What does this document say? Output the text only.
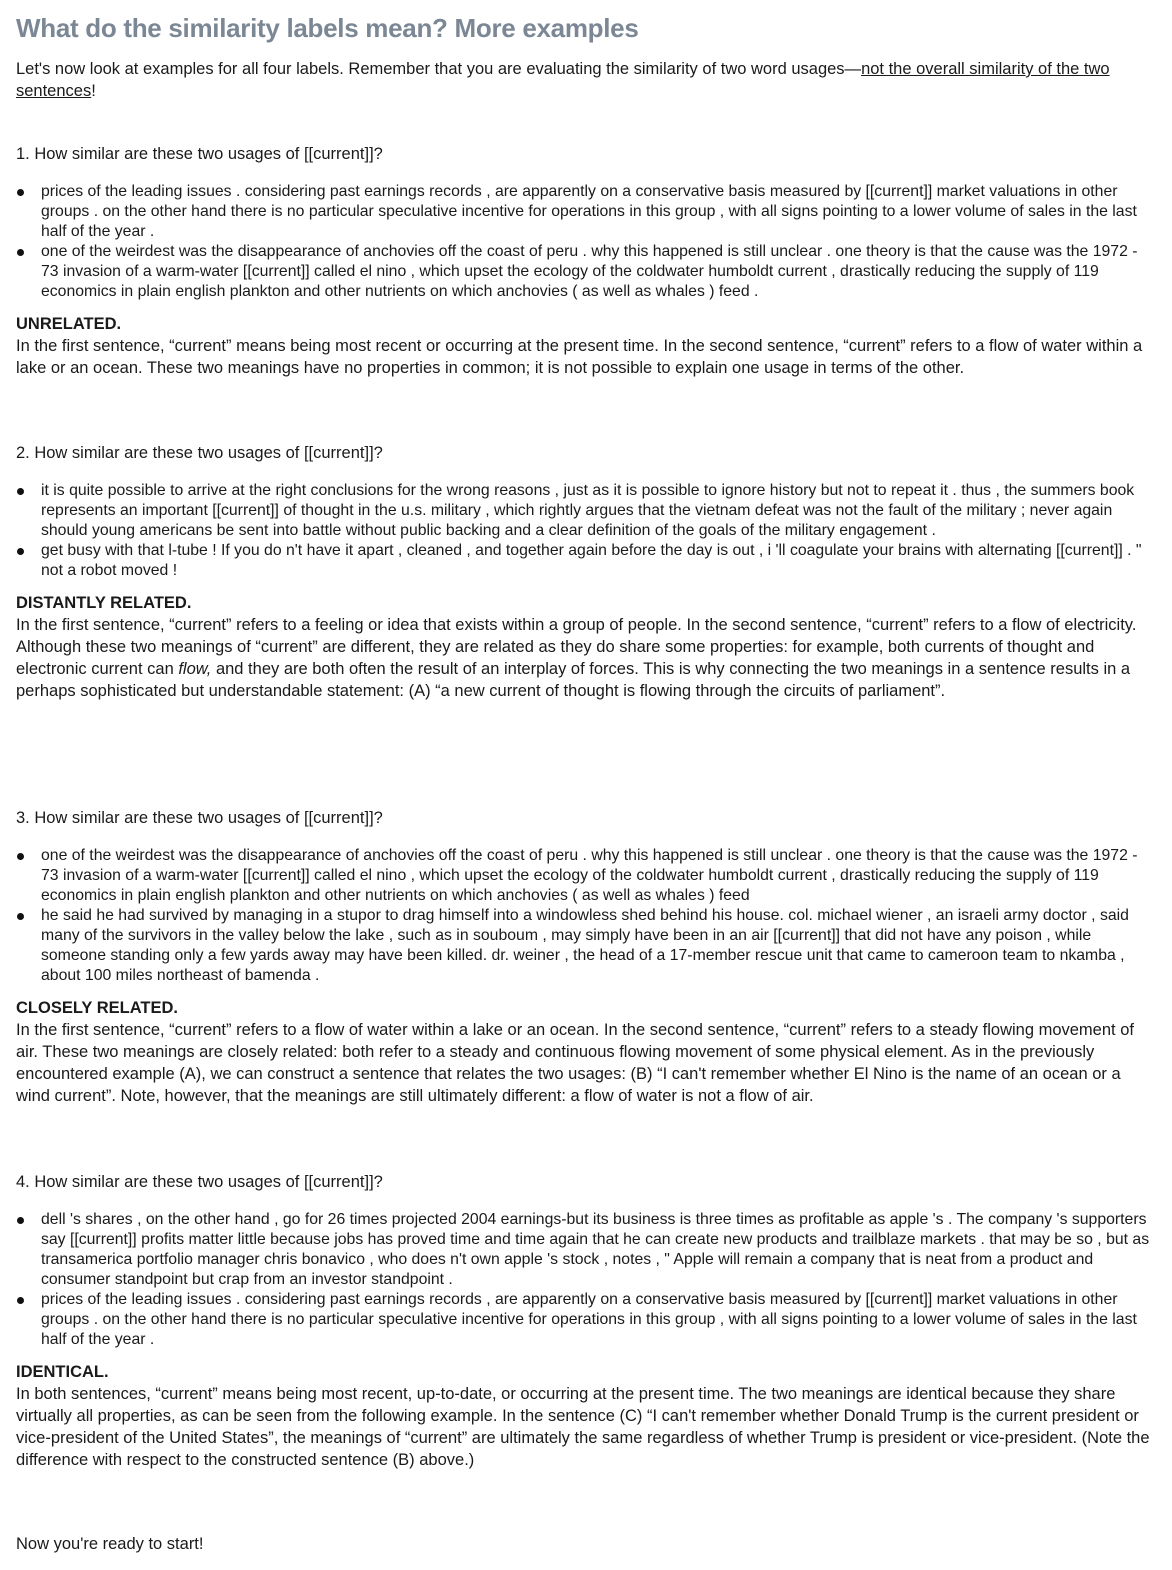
What do the similarity labels mean? More examples

Let's now look at examples for all four labels. Remember that you are evaluating the similarity of two word usages—not the overall similarity of the two sentences!

1. How similar are these two usages of [[current]]?
prices of the leading issues . considering past earnings records , are apparently on a conservative basis measured by [[current]] market valuations in other groups . on the other hand there is no particular speculative incentive for operations in this group , with all signs pointing to a lower volume of sales in the last half of the year .
one of the weirdest was the disappearance of anchovies off the coast of peru . why this happened is still unclear . one theory is that the cause was the 1972 - 73 invasion of a warm-water [[current]] called el nino , which upset the ecology of the coldwater humboldt current , drastically reducing the supply of 119 economics in plain english plankton and other nutrients on which anchovies ( as well as whales ) feed .
UNRELATED.
In the first sentence, “current” means being most recent or occurring at the present time. In the second sentence, “current” refers to a flow of water within a lake or an ocean. These two meanings have no properties in common; it is not possible to explain one usage in terms of the other.
2. How similar are these two usages of [[current]]?
it is quite possible to arrive at the right conclusions for the wrong reasons , just as it is possible to ignore history but not to repeat it . thus , the summers book represents an important [[current]] of thought in the u.s. military , which rightly argues that the vietnam defeat was not the fault of the military ; never again should young americans be sent into battle without public backing and a clear definition of the goals of the military engagement .
get busy with that l-tube ! If you do n't have it apart , cleaned , and together again before the day is out , i 'll coagulate your brains with alternating [[current]] . " not a robot moved !
DISTANTLY RELATED.
In the first sentence, “current” refers to a feeling or idea that exists within a group of people. In the second sentence, “current” refers to a flow of electricity. Although these two meanings of “current” are different, they are related as they do share some properties: for example, both currents of thought and electronic current can flow, and they are both often the result of an interplay of forces. This is why connecting the two meanings in a sentence results in a perhaps sophisticated but understandable statement: (A) “a new current of thought is flowing through the circuits of parliament”.
3. How similar are these two usages of [[current]]?
one of the weirdest was the disappearance of anchovies off the coast of peru . why this happened is still unclear . one theory is that the cause was the 1972 - 73 invasion of a warm-water [[current]] called el nino , which upset the ecology of the coldwater humboldt current , drastically reducing the supply of 119 economics in plain english plankton and other nutrients on which anchovies ( as well as whales ) feed
he said he had survived by managing in a stupor to drag himself into a windowless shed behind his house. col. michael wiener , an israeli army doctor , said many of the survivors in the valley below the lake , such as in souboum , may simply have been in an air [[current]] that did not have any poison , while someone standing only a few yards away may have been killed. dr. weiner , the head of a 17-member rescue unit that came to cameroon team to nkamba , about 100 miles northeast of bamenda .
CLOSELY RELATED.
In the first sentence, “current” refers to a flow of water within a lake or an ocean. In the second sentence, “current” refers to a steady flowing movement of air. These two meanings are closely related: both refer to a steady and continuous flowing movement of some physical element. As in the previously encountered example (A), we can construct a sentence that relates the two usages: (B) “I can't remember whether El Nino is the name of an ocean or a wind current”. Note, however, that the meanings are still ultimately different: a flow of water is not a flow of air.
4. How similar are these two usages of [[current]]?
dell 's shares , on the other hand , go for 26 times projected 2004 earnings-but its business is three times as profitable as apple 's . The company 's supporters say [[current]] profits matter little because jobs has proved time and time again that he can create new products and trailblaze markets . that may be so , but as transamerica portfolio manager chris bonavico , who does n't own apple 's stock , notes , " Apple will remain a company that is neat from a product and consumer standpoint but crap from an investor standpoint .
prices of the leading issues . considering past earnings records , are apparently on a conservative basis measured by [[current]] market valuations in other groups . on the other hand there is no particular speculative incentive for operations in this group , with all signs pointing to a lower volume of sales in the last half of the year .
IDENTICAL.
In both sentences, “current” means being most recent, up-to-date, or occurring at the present time. The two meanings are identical because they share virtually all properties, as can be seen from the following example. In the sentence (C) “I can't remember whether Donald Trump is the current president or vice-president of the United States”, the meanings of “current” are ultimately the same regardless of whether Trump is president or vice-president. (Note the difference with respect to the constructed sentence (B) above.)
Now you're ready to start!
